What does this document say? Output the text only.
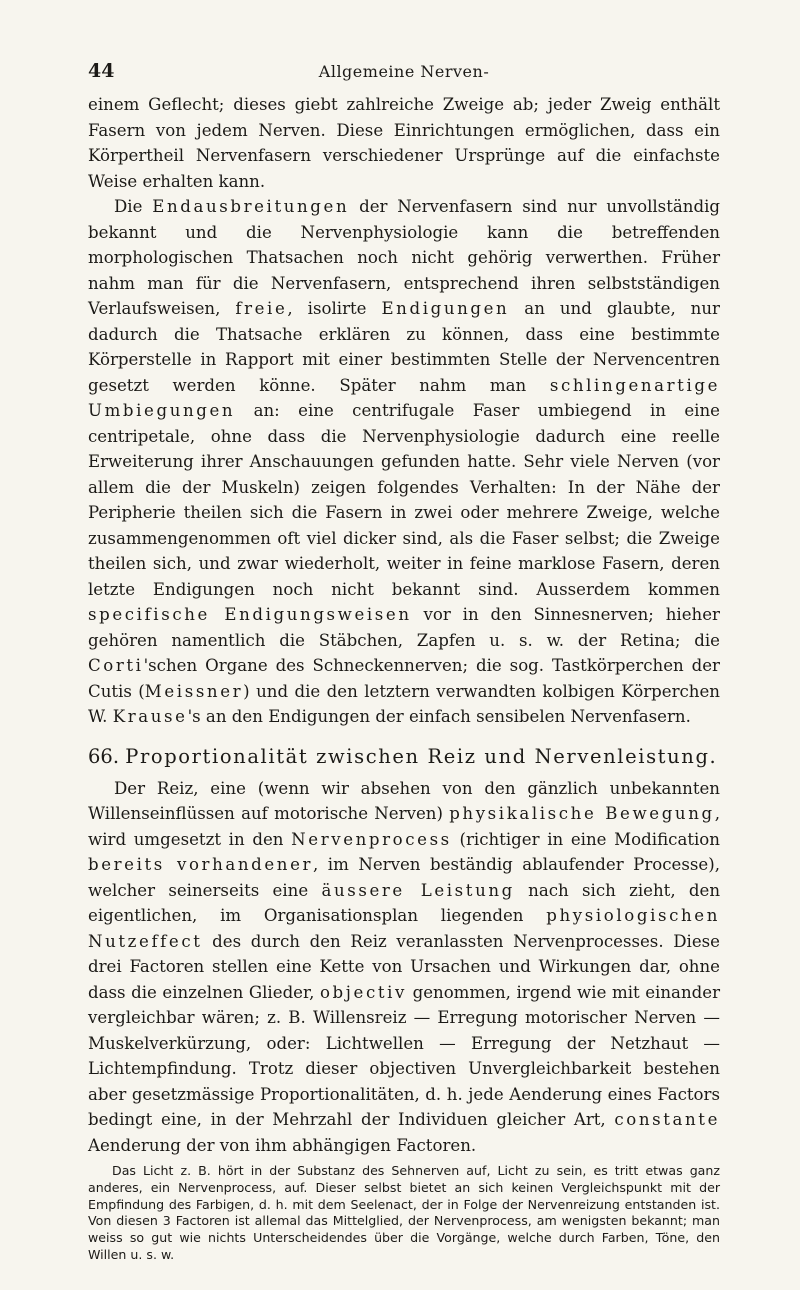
44	Allgemeine Nerven-

einem Geflecht; dieses giebt zahlreiche Zweige ab; jeder Zweig enthält Fasern von jedem Nerven. Diese Einrichtungen ermöglichen, dass ein Körpertheil Nervenfasern verschiedener Ursprünge auf die einfachste Weise erhalten kann.

Die Endausbreitungen der Nervenfasern sind nur unvollständig bekannt und die Nervenphysiologie kann die betreffenden morphologischen Thatsachen noch nicht gehörig verwerthen. Früher nahm man für die Nervenfasern, entsprechend ihren selbstständigen Verlaufsweisen, freie, isolirte Endigungen an und glaubte, nur dadurch die Thatsache erklären zu können, dass eine bestimmte Körperstelle in Rapport mit einer bestimmten Stelle der Nervencentren gesetzt werden könne. Später nahm man schlingenartige Umbiegungen an: eine centrifugale Faser umbiegend in eine centripetale, ohne dass die Nervenphysiologie dadurch eine reelle Erweiterung ihrer Anschauungen gefunden hatte. Sehr viele Nerven (vor allem die der Muskeln) zeigen folgendes Verhalten: In der Nähe der Peripherie theilen sich die Fasern in zwei oder mehrere Zweige, welche zusammengenommen oft viel dicker sind, als die Faser selbst; die Zweige theilen sich, und zwar wiederholt, weiter in feine marklose Fasern, deren letzte Endigungen noch nicht bekannt sind. Ausserdem kommen specifische Endigungsweisen vor in den Sinnesnerven; hieher gehören namentlich die Stäbchen, Zapfen u. s. w. der Retina; die Corti'schen Organe des Schneckennerven; die sog. Tastkörperchen der Cutis (Meissner) und die den letztern verwandten kolbigen Körperchen W. Krause's an den Endigungen der einfach sensibelen Nervenfasern.

66. Proportionalität zwischen Reiz und Nervenleistung.

Der Reiz, eine (wenn wir absehen von den gänzlich unbekannten Willenseinflüssen auf motorische Nerven) physikalische Bewegung, wird umgesetzt in den Nervenprocess (richtiger in eine Modification bereits vorhandener, im Nerven beständig ablaufender Processe), welcher seinerseits eine äussere Leistung nach sich zieht, den eigentlichen, im Organisationsplan liegenden physiologischen Nutzeffect des durch den Reiz veranlassten Nervenprocesses. Diese drei Factoren stellen eine Kette von Ursachen und Wirkungen dar, ohne dass die einzelnen Glieder, objectiv genommen, irgend wie mit einander vergleichbar wären; z. B. Willensreiz — Erregung motorischer Nerven — Muskelverkürzung, oder: Lichtwellen — Erregung der Netzhaut — Lichtempfindung. Trotz dieser objectiven Unvergleichbarkeit bestehen aber gesetzmässige Proportionalitäten, d. h. jede Aenderung eines Factors bedingt eine, in der Mehrzahl der Individuen gleicher Art, constante Aenderung der von ihm abhängigen Factoren.

Das Licht z. B. hört in der Substanz des Sehnerven auf, Licht zu sein, es tritt etwas ganz anderes, ein Nervenprocess, auf. Dieser selbst bietet an sich keinen Vergleichspunkt mit der Empfindung des Farbigen, d. h. mit dem Seelenact, der in Folge der Nervenreizung entstanden ist. Von diesen 3 Factoren ist allemal das Mittelglied, der Nervenprocess, am wenigsten bekannt; man weiss so gut wie nichts Unterscheidendes über die Vorgänge, welche durch Farben, Töne, den Willen u. s. w.
